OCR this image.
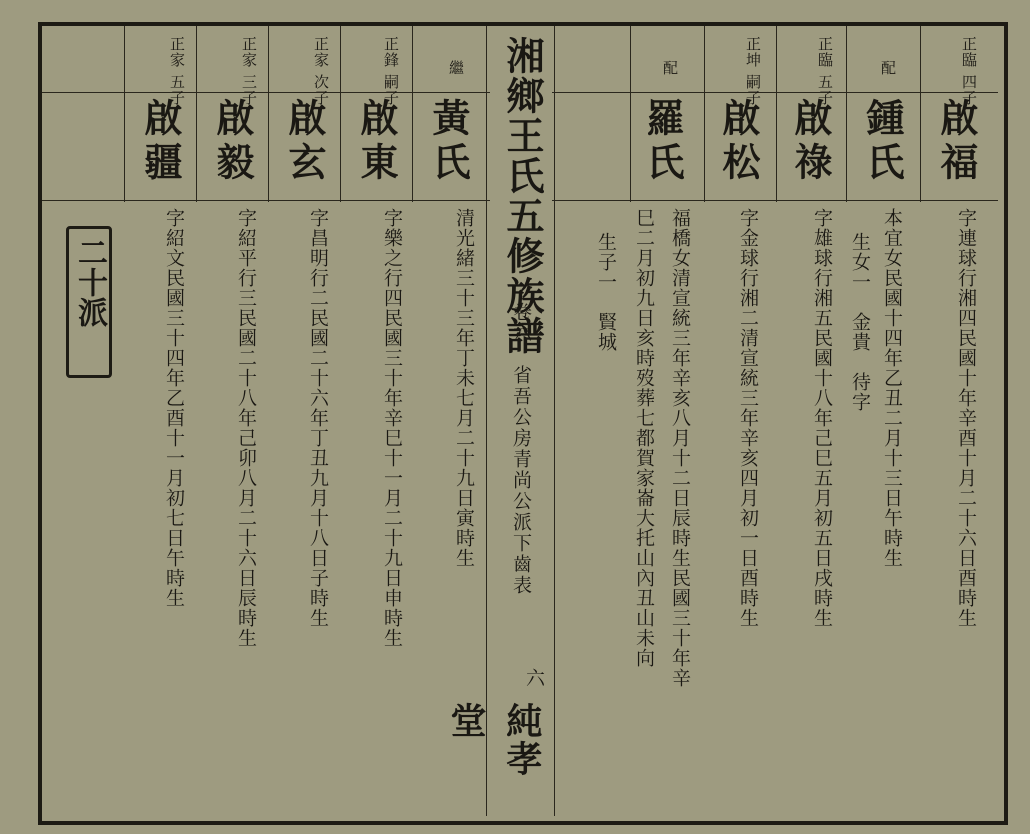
湘鄉王氏五修族譜
卷六　省吾公房青尚公派下齒表
純孝堂
六
二十派
繼
黃氏
清光緒三十三年丁未七月二十九日寅時生
正鋒 嗣子
啟東
字樂之行四民國三十年辛巳十一月二十九日申時生
正家 次子
啟玄
字昌明行二民國二十六年丁丑九月十八日子時生
正家 三子
啟毅
字紹平行三民國二十八年己卯八月二十六日辰時生
正家 五子
啟疆
字紹文民國三十四年乙酉十一月初七日午時生
正臨 四子
啟福
字連球行湘四民國十年辛酉十月二十六日酉時生
配
鍾氏
本宜女民國十四年乙丑二月十三日午時生
生女一　金貴　待字
正臨 五子
啟祿
字雄球行湘五民國十八年己巳五月初五日戌時生
正坤 嗣子
啟松
字金球行湘二清宣統三年辛亥四月初一日酉時生
配
羅氏
福橋女清宣統三年辛亥八月十二日辰時生民國三十年辛
巳二月初九日亥時歿葬七都賀家崙大托山內丑山未向
生子一　賢城
